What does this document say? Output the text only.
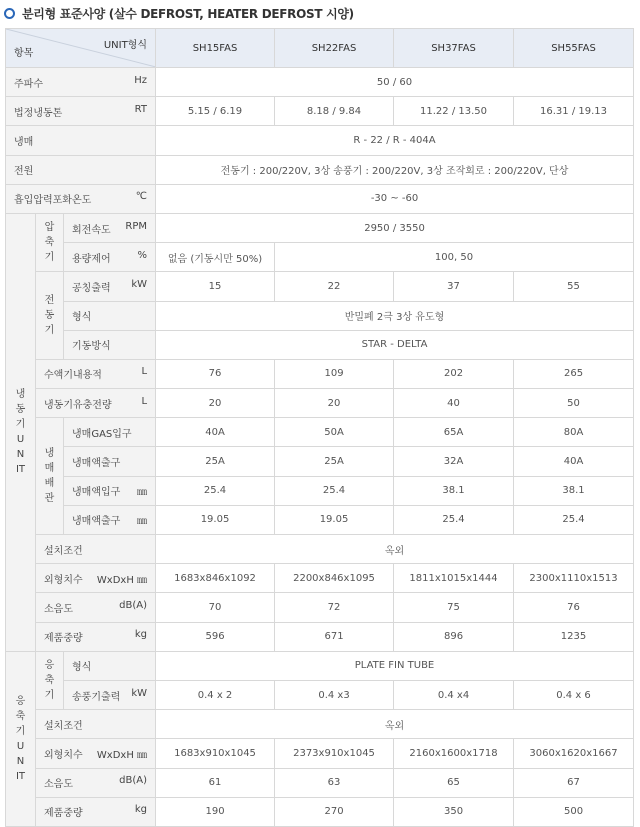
분리형 표준사양 (살수 DEFROST, HEATER DEFROST 시양)
UNIT형식
항목			SH15FAS	SH22FAS	SH37FAS	SH55FAS

주파수 Hz			50 / 60			

법정냉동톤 RT			5.15 / 6.19	8.18 / 9.84	11.22 / 13.50	16.31 / 19.13
냉매			R - 22 / R - 404A			
전원			전동기 : 200/220V, 3상 송풍기 : 200/220V, 3상 조작회로 : 200/220V, 단상			

흡입압력포화온도 ℃			-30 ~ -60			

냉동기UNIT	압축기	회전속도 RPM	2950 / 3550			

		용량제어 %	없음 (기동시만 50%)	100, 50		

	전동기	공칭출력 kW	15	22	37	55
		형식	반밀폐 2극 3상 유도형			
		기동방식	STAR - DELTA			

	수액기내용적 L		76	109	202	265

	냉동기유충전량 L		20	20	40	50

	냉매배관	냉매GAS입구	40A	50A	65A	80A
		냉매액출구	25A	25A	32A	40A

		냉매액입구 ㎜	25.4	25.4	38.1	38.1

		냉매액출구 ㎜	19.05	19.05	25.4	25.4
	설치조건		옥외			

	외형치수 WxDxH ㎜		1683x846x1092	2200x846x1095	1811x1015x1444	2300x1110x1513

	소음도 dB(A)		70	72	75	76

	제품중량 kg		596	671	896	1235

응축기UNIT	응축기	형식	PLATE FIN TUBE			

		송풍기출력 kW	0.4 x 2	0.4 x3	0.4 x4	0.4 x 6
	설치조건		옥외			

	외형치수 WxDxH ㎜		1683x910x1045	2373x910x1045	2160x1600x1718	3060x1620x1667

	소음도 dB(A)		61	63	65	67

	제품중량 kg		190	270	350	500
